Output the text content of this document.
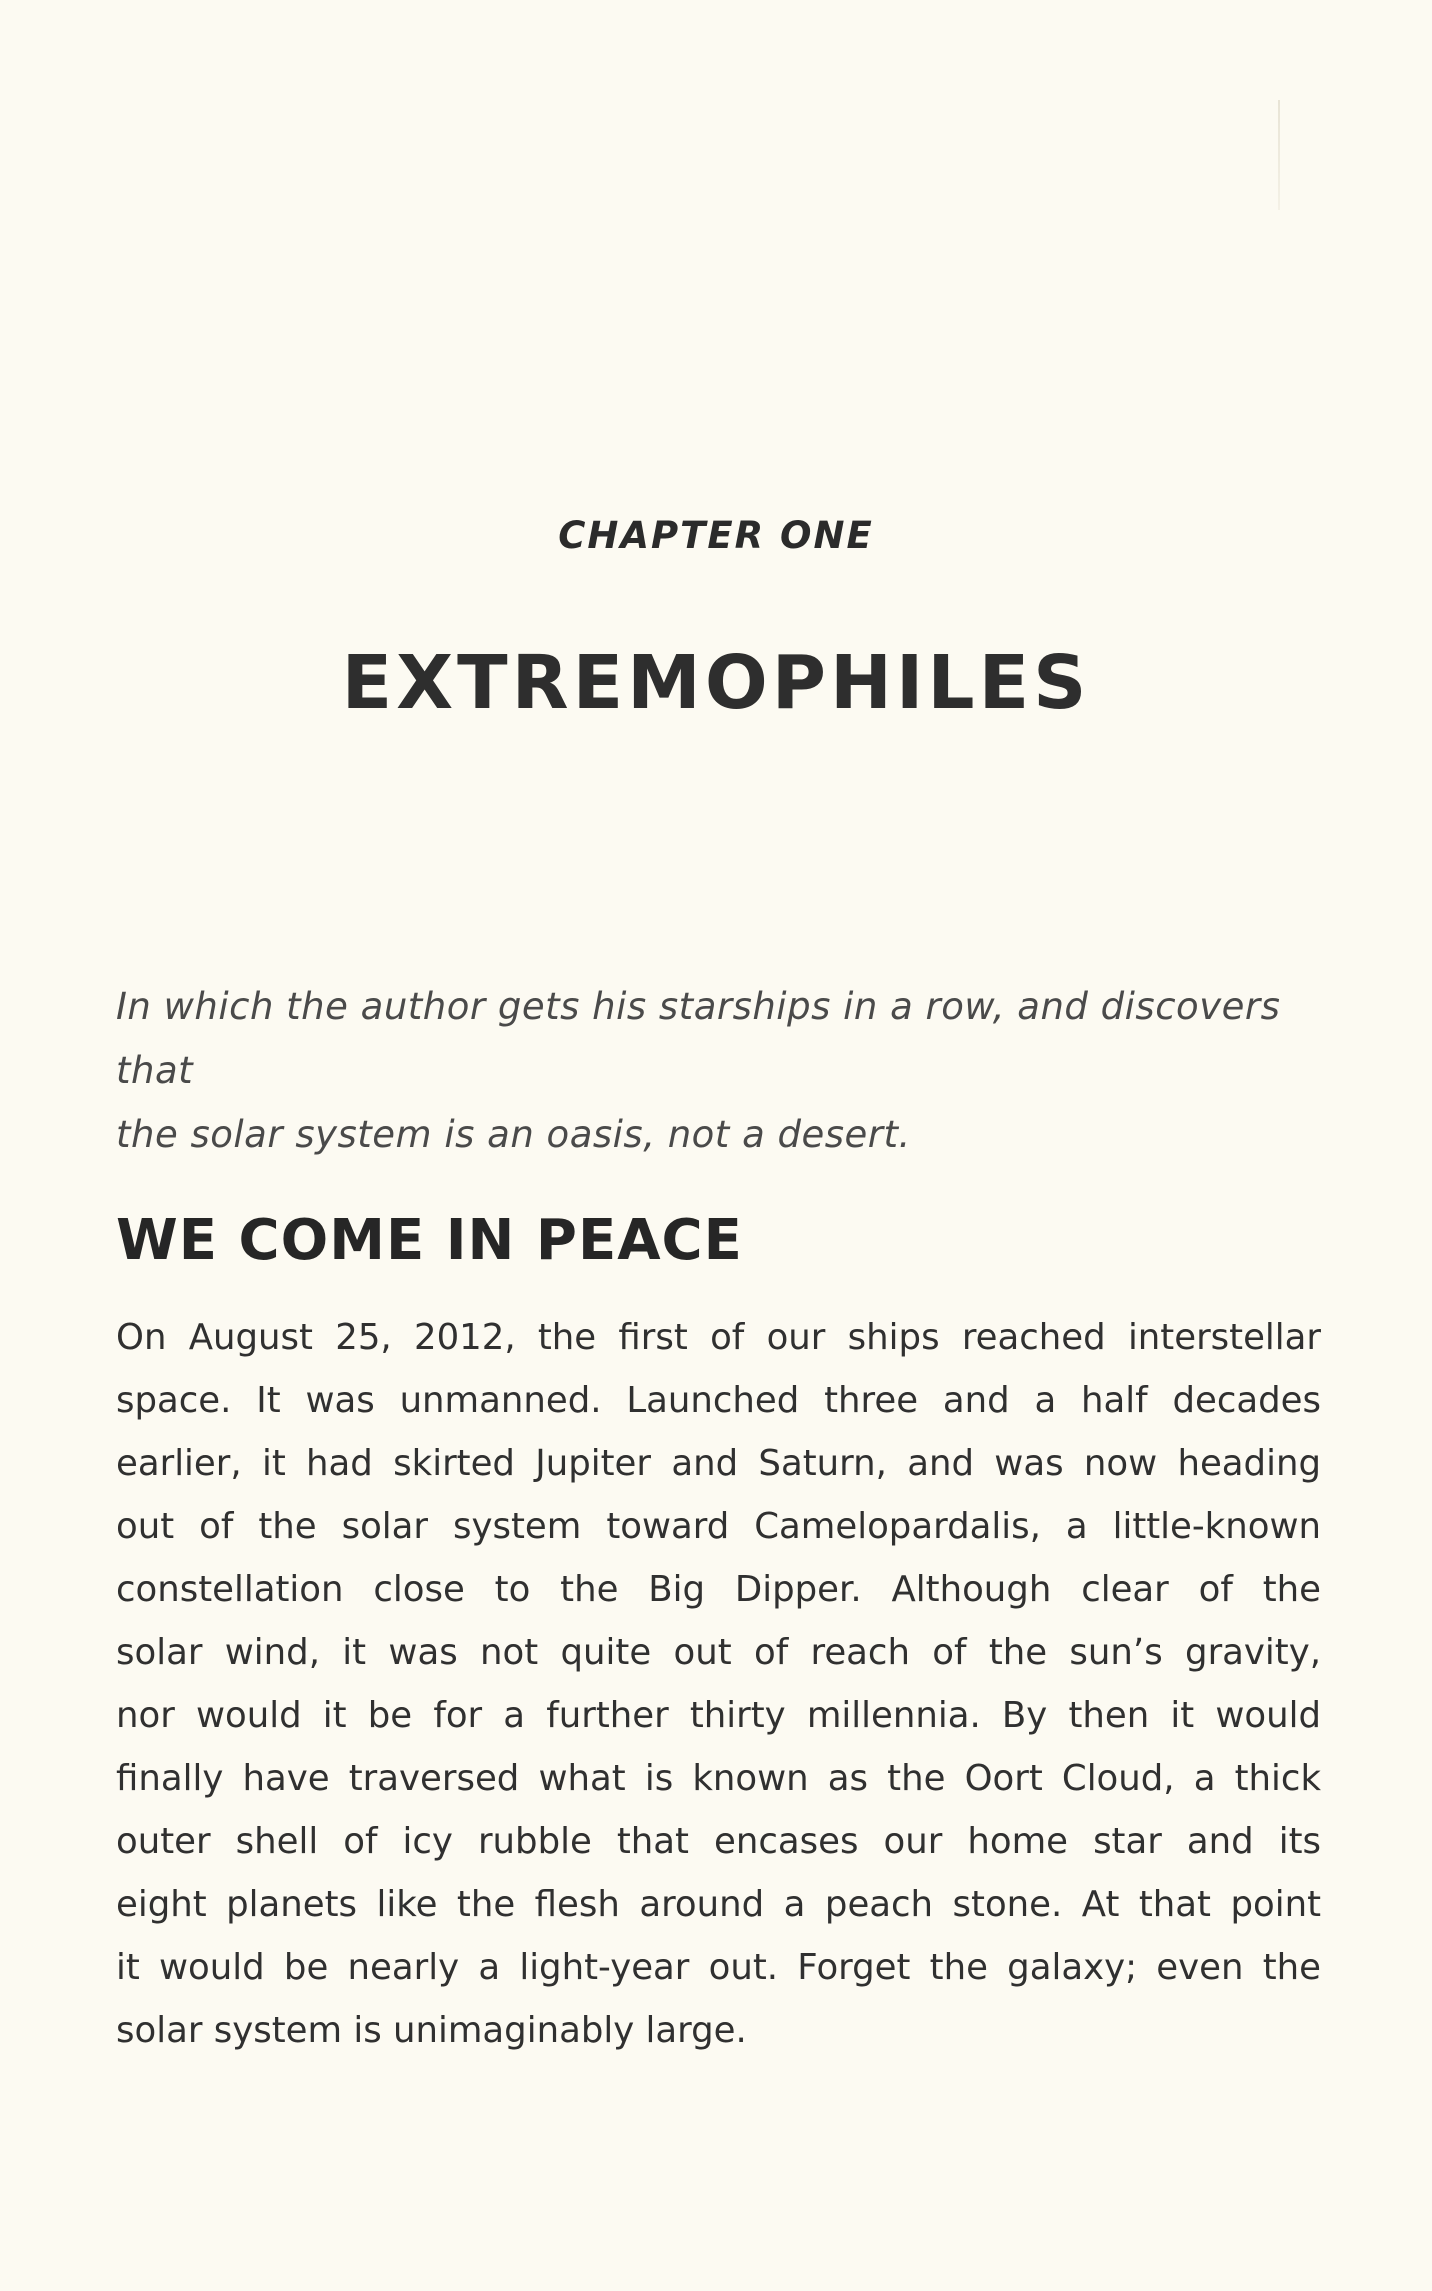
CHAPTER ONE
EXTREMOPHILES
In which the author gets his starships in a row, and discovers that
the solar system is an oasis, not a desert.
WE COME IN PEACE
On August 25, 2012, the first of our ships reached interstellar
space. It was unmanned. Launched three and a half decades
earlier, it had skirted Jupiter and Saturn, and was now heading
out of the solar system toward Camelopardalis, a little-known
constellation close to the Big Dipper. Although clear of the
solar wind, it was not quite out of reach of the sun’s gravity,
nor would it be for a further thirty millennia. By then it would
finally have traversed what is known as the Oort Cloud, a thick
outer shell of icy rubble that encases our home star and its
eight planets like the flesh around a peach stone. At that point
it would be nearly a light-year out. Forget the galaxy; even the
solar system is unimaginably large.
